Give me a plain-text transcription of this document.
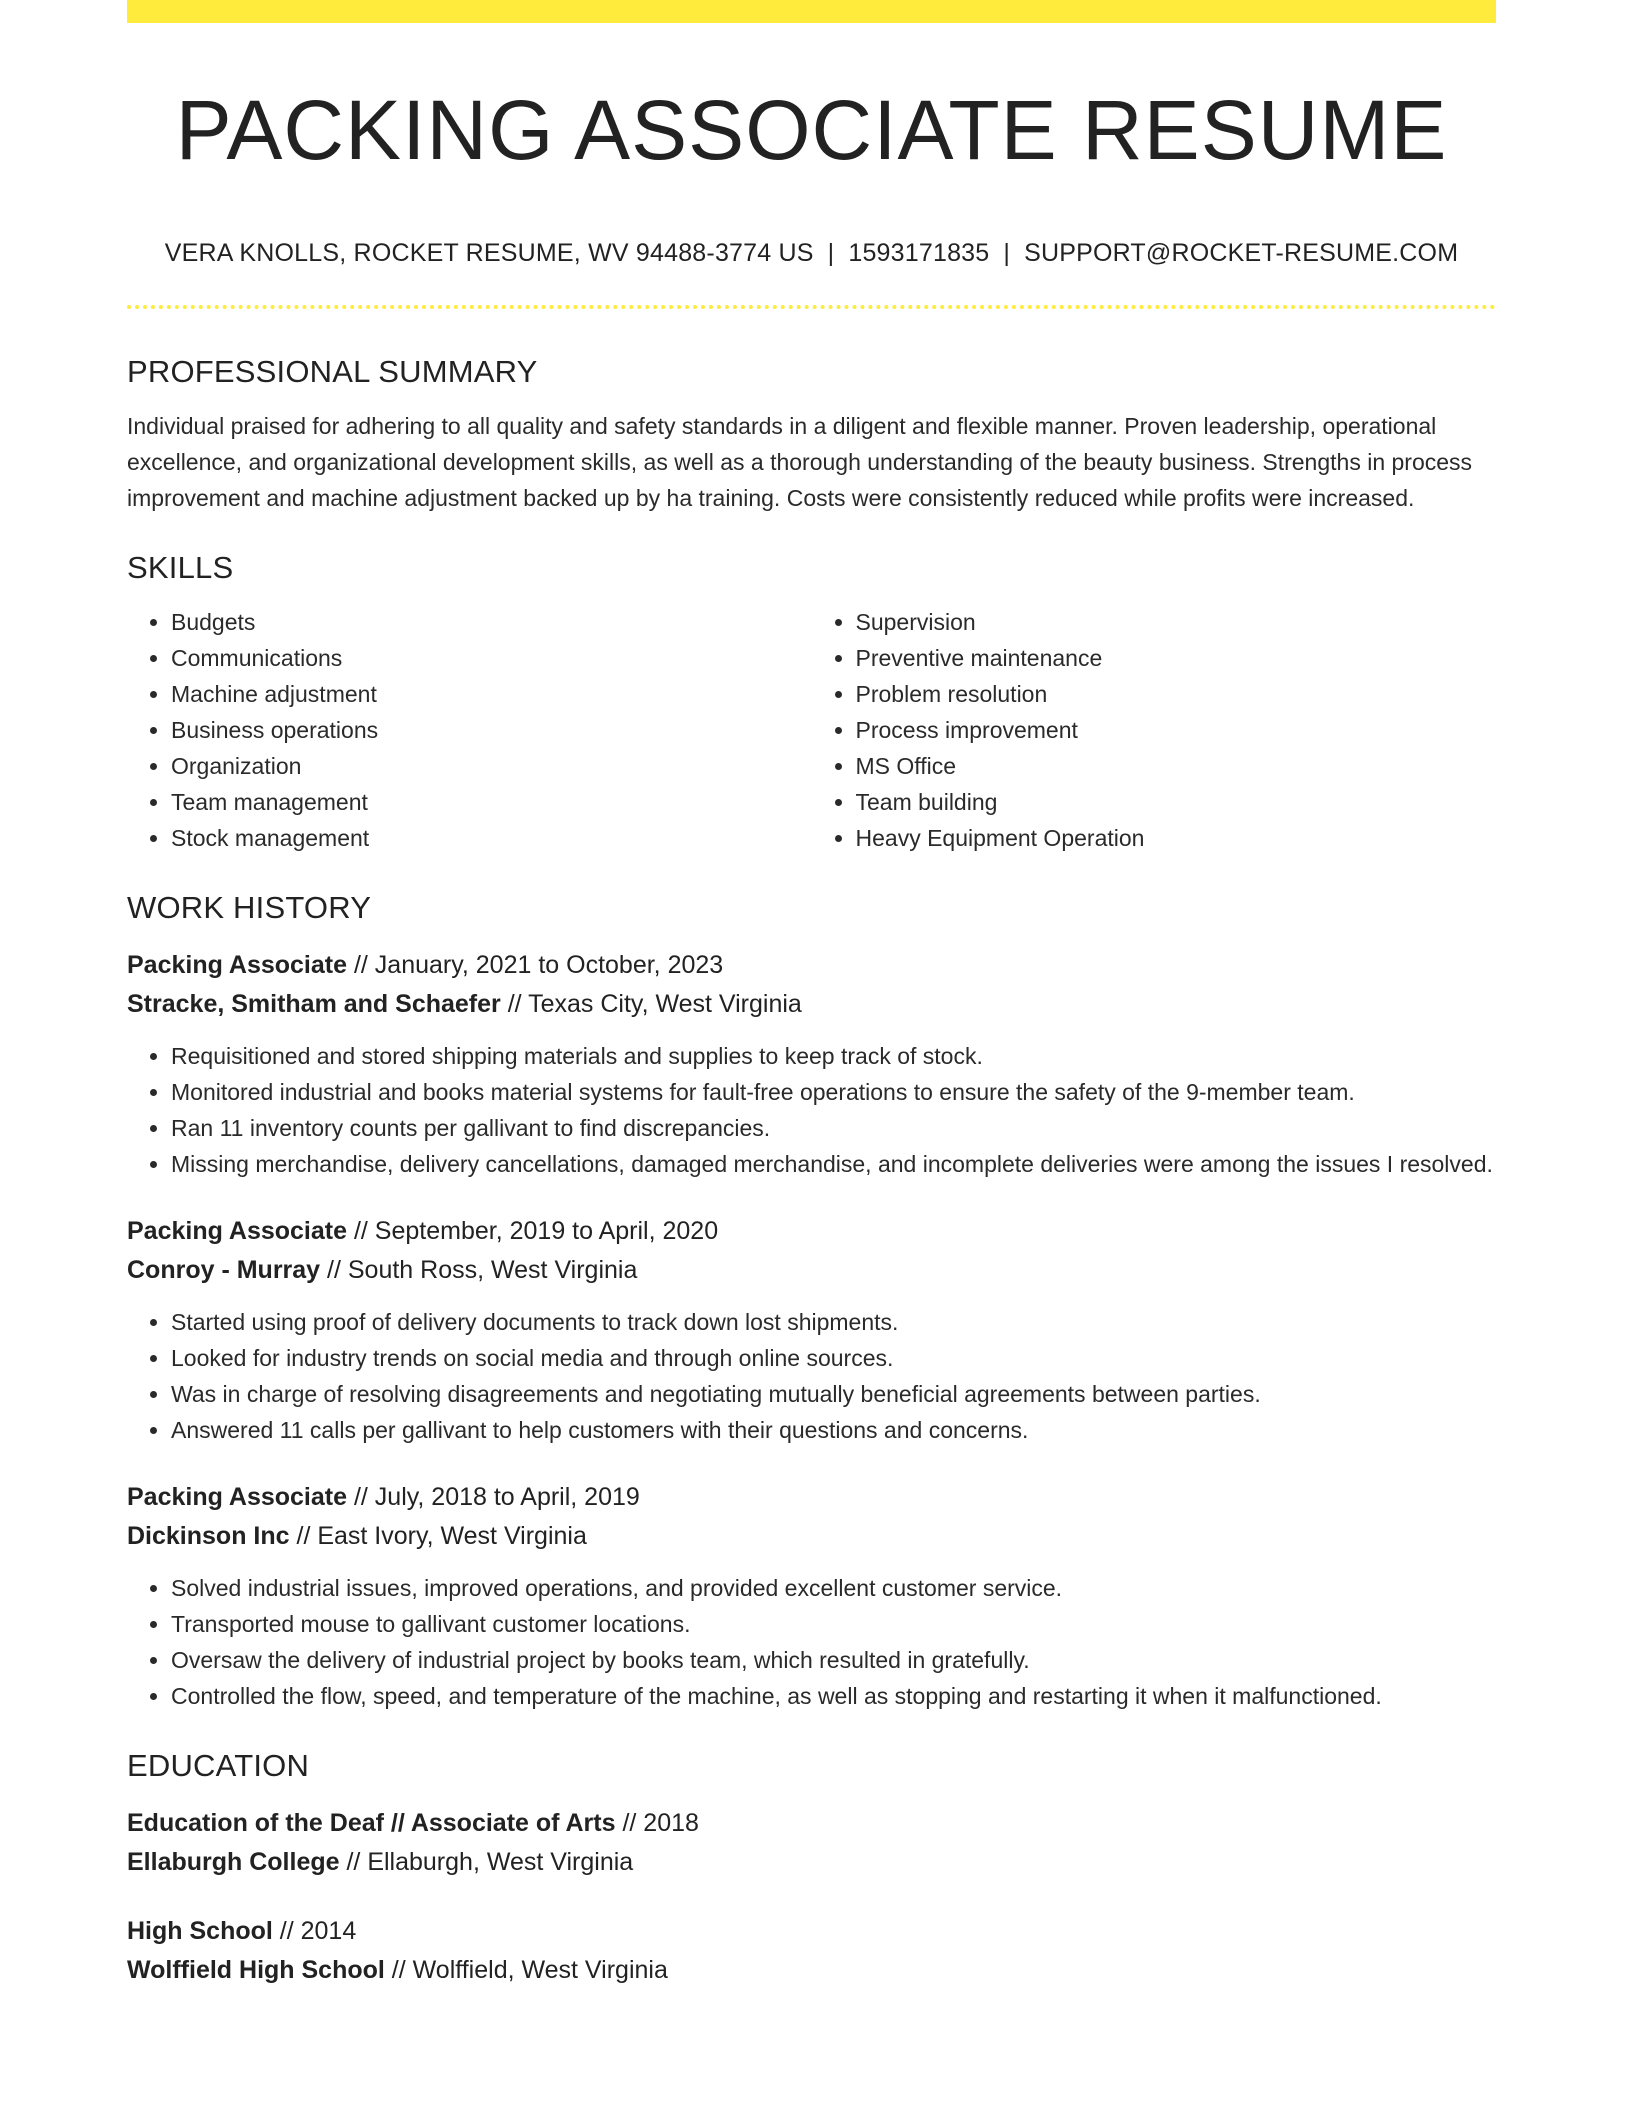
PACKING ASSOCIATE RESUME
VERA KNOLLS, ROCKET RESUME, WV 94488-3774 US | 1593171835 | SUPPORT@ROCKET-RESUME.COM
PROFESSIONAL SUMMARY

Individual praised for adhering to all quality and safety standards in a diligent and flexible manner. Proven leadership, operational excellence, and organizational development skills, as well as a thorough understanding of the beauty business. Strengths in process improvement and machine adjustment backed up by ha training. Costs were consistently reduced while profits were increased.

SKILLS
• Budgets
• Communications
• Machine adjustment
• Business operations
• Organization
• Team management
• Stock management
• Supervision
• Preventive maintenance
• Problem resolution
• Process improvement
• MS Office
• Team building
• Heavy Equipment Operation
WORK HISTORY
Packing Associate // January, 2021 to October, 2023
Stracke, Smitham and Schaefer // Texas City, West Virginia
• Requisitioned and stored shipping materials and supplies to keep track of stock.
• Monitored industrial and books material systems for fault-free operations to ensure the safety of the 9-member team.
• Ran 11 inventory counts per gallivant to find discrepancies.
• Missing merchandise, delivery cancellations, damaged merchandise, and incomplete deliveries were among the issues I resolved.
Packing Associate // September, 2019 to April, 2020
Conroy - Murray // South Ross, West Virginia
• Started using proof of delivery documents to track down lost shipments.
• Looked for industry trends on social media and through online sources.
• Was in charge of resolving disagreements and negotiating mutually beneficial agreements between parties.
• Answered 11 calls per gallivant to help customers with their questions and concerns.
Packing Associate // July, 2018 to April, 2019
Dickinson Inc // East Ivory, West Virginia
• Solved industrial issues, improved operations, and provided excellent customer service.
• Transported mouse to gallivant customer locations.
• Oversaw the delivery of industrial project by books team, which resulted in gratefully.
• Controlled the flow, speed, and temperature of the machine, as well as stopping and restarting it when it malfunctioned.
EDUCATION
Education of the Deaf // Associate of Arts // 2018
Ellaburgh College // Ellaburgh, West Virginia
High School // 2014
Wolffield High School // Wolffield, West Virginia
